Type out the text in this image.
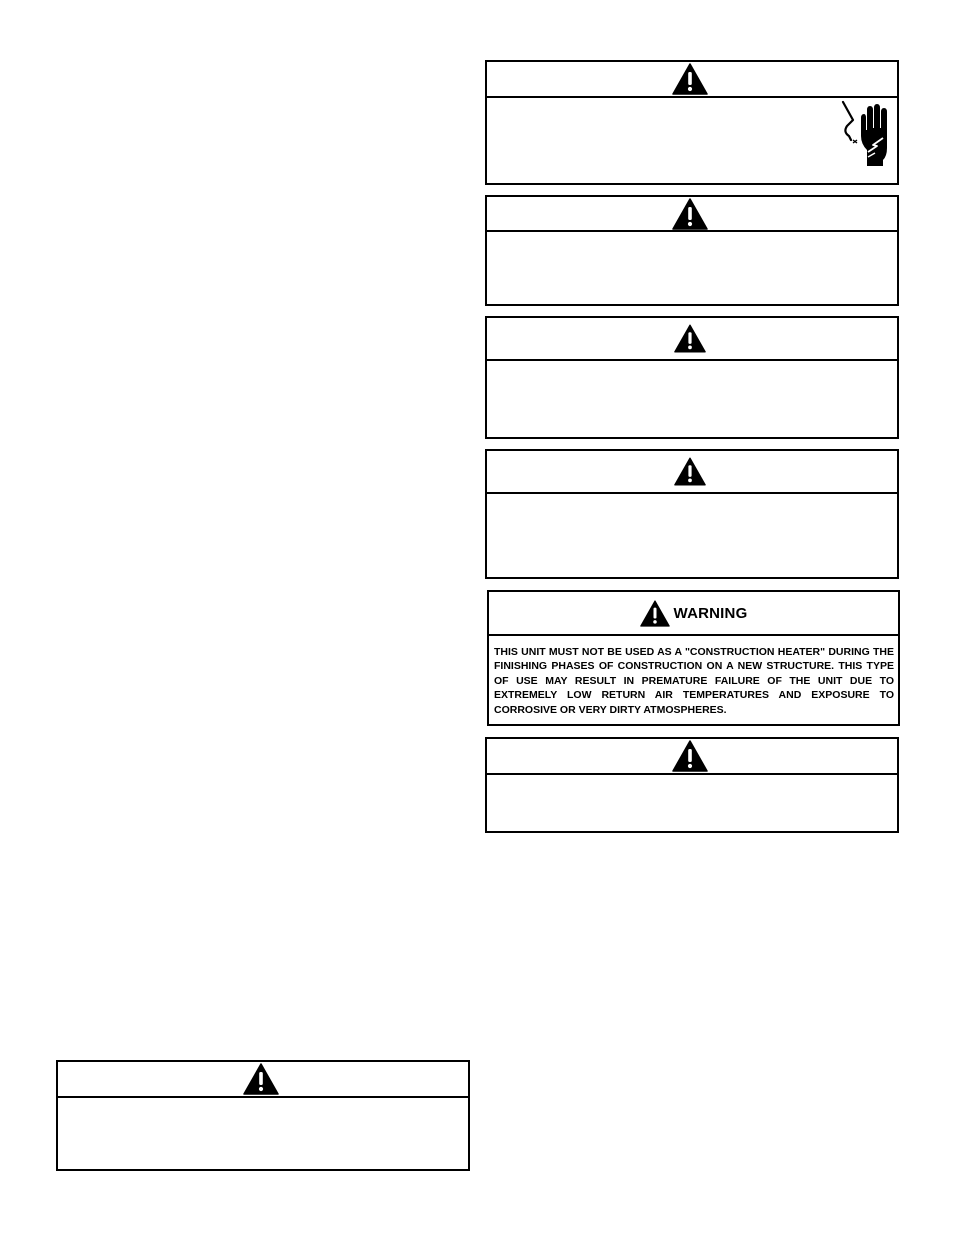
WARNING
THIS UNIT MUST NOT BE USED AS A "CONSTRUCTION HEATER" DURING THE FINISHING PHASES OF CONSTRUCTION ON A NEW STRUCTURE. THIS TYPE OF USE MAY RESULT IN PREMATURE FAILURE OF THE UNIT DUE TO EXTREMELY LOW RETURN AIR TEMPERATURES AND EXPOSURE TO CORROSIVE OR VERY DIRTY ATMOSPHERES.
